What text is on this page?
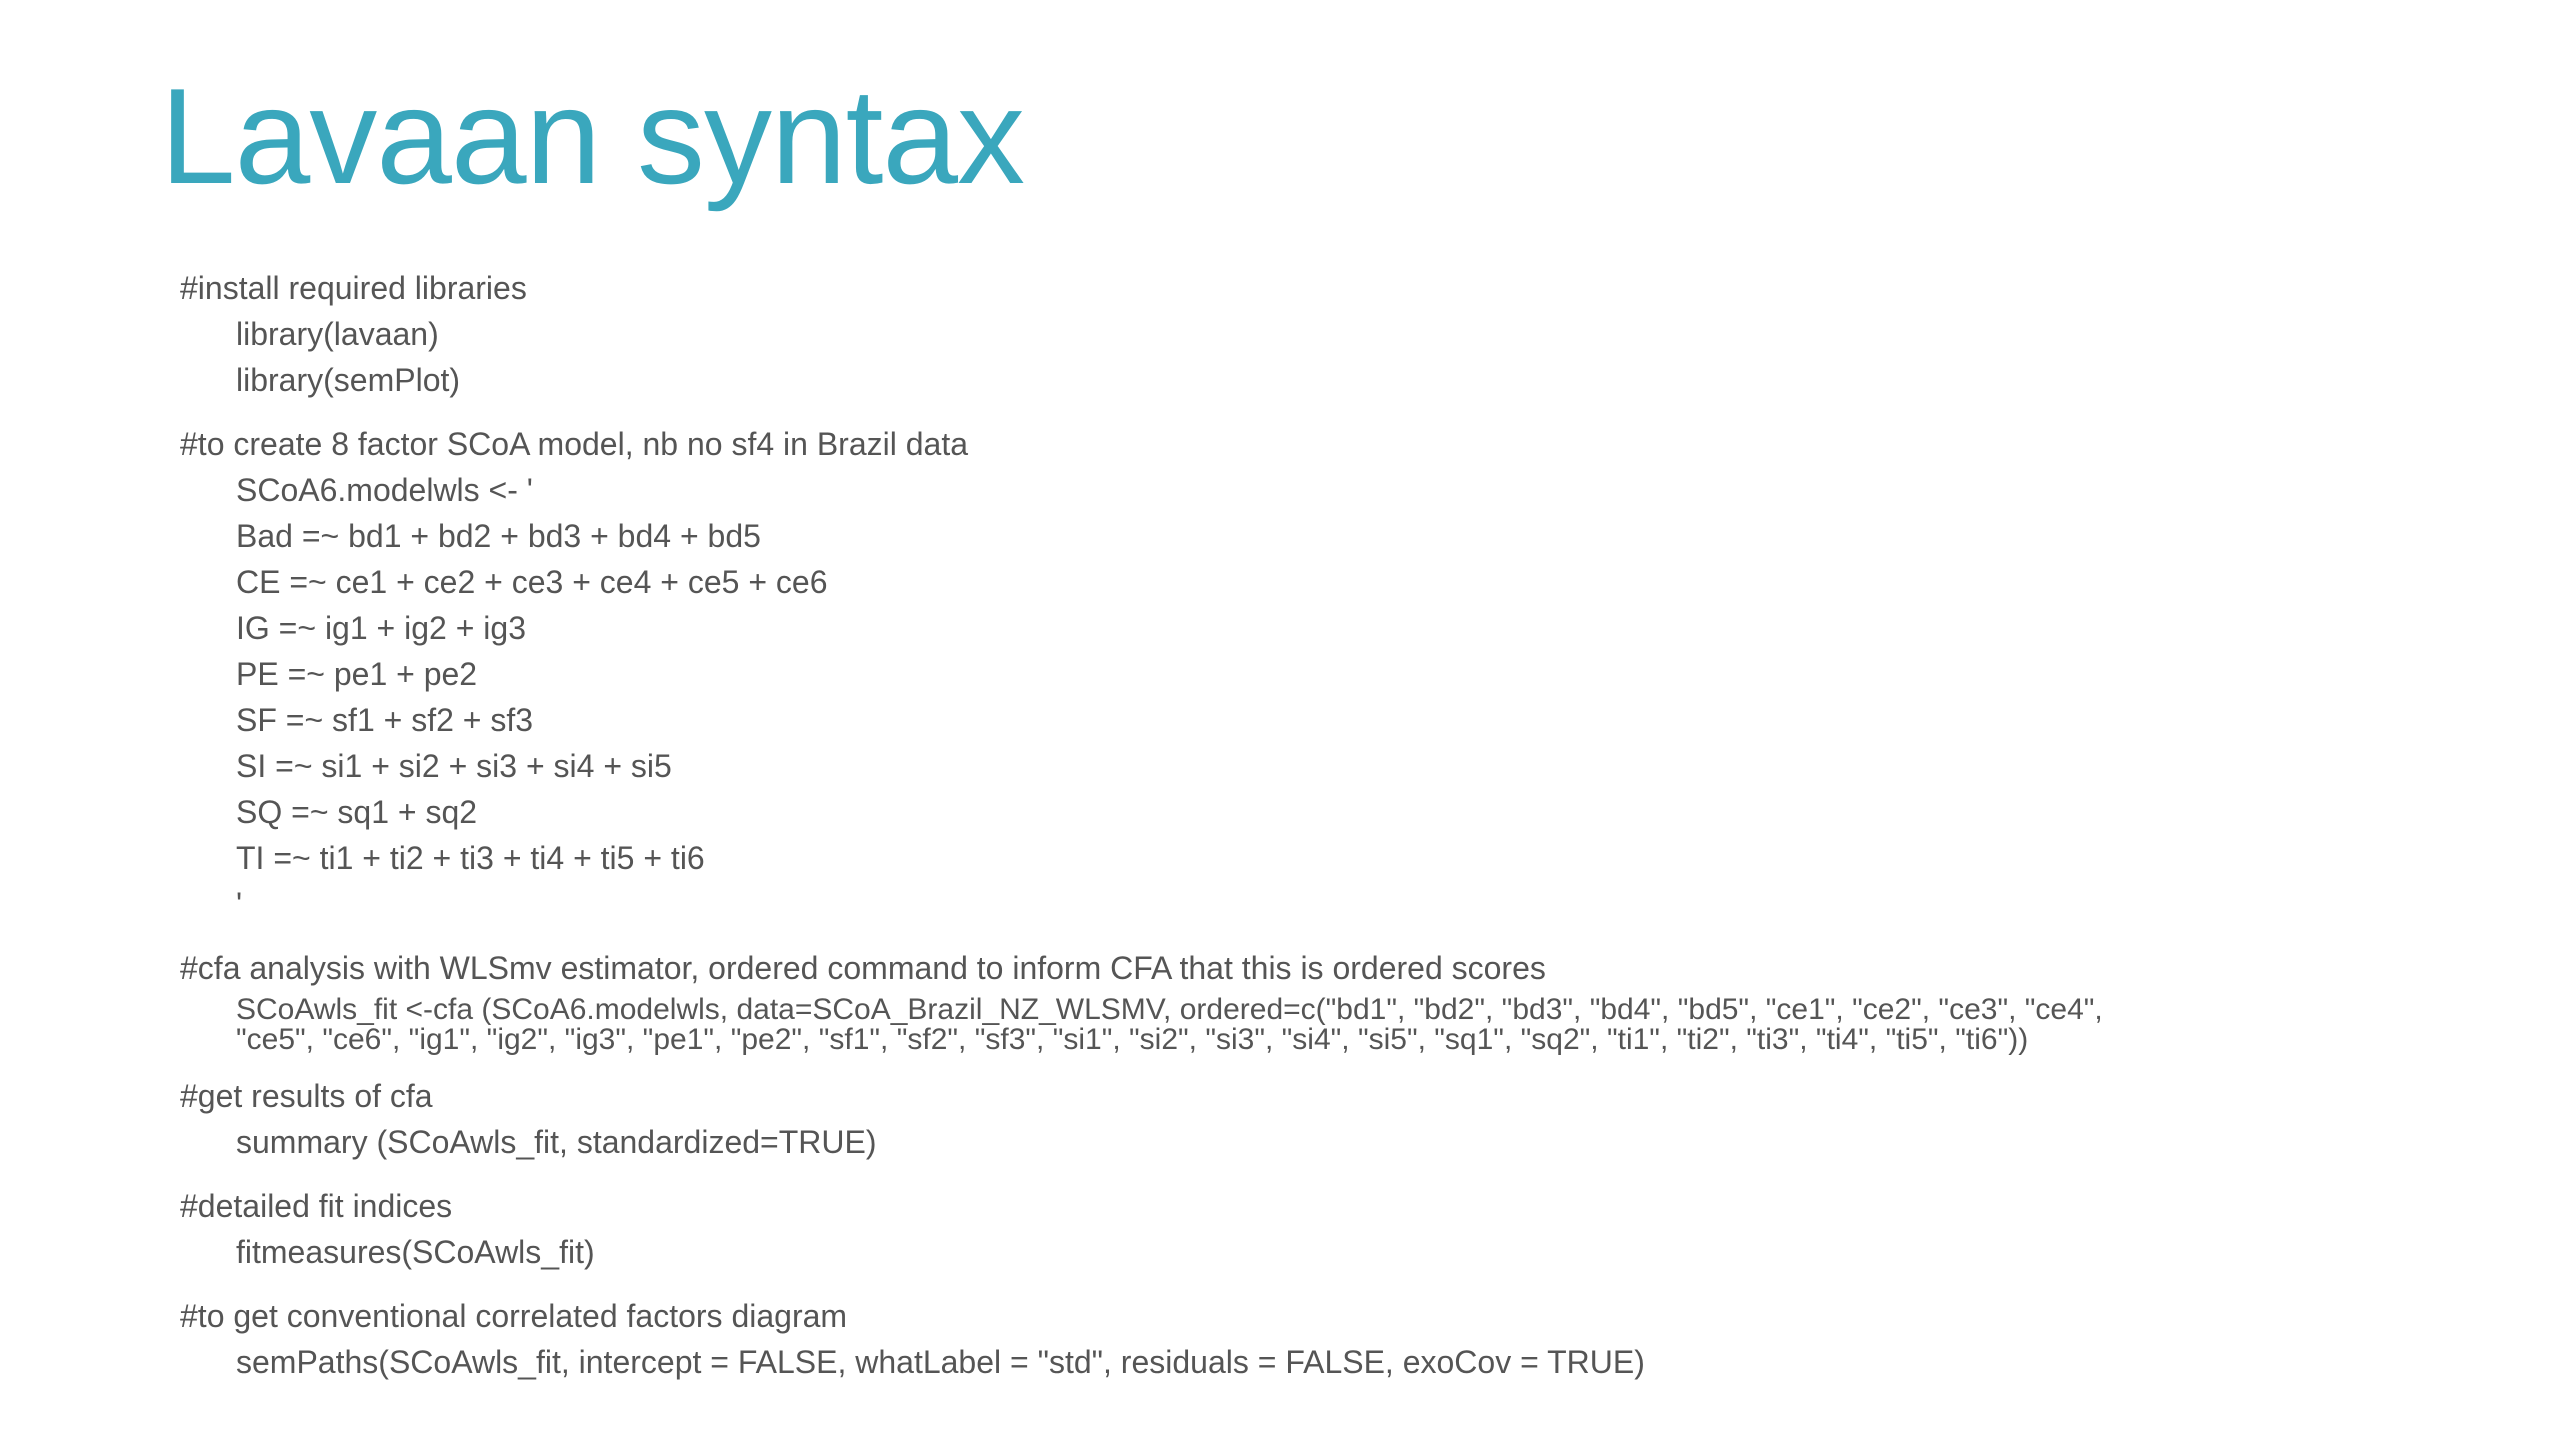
Lavaan syntax
#install required libraries
library(lavaan)
library(semPlot)
#to create 8 factor SCoA model, nb no sf4 in Brazil data
SCoA6.modelwls <- '
Bad =~ bd1 + bd2 + bd3 + bd4 + bd5
CE =~ ce1 + ce2 + ce3 + ce4 + ce5 + ce6
IG =~ ig1 + ig2 + ig3
PE =~ pe1 + pe2
SF =~ sf1 + sf2 + sf3
SI =~ si1 + si2 + si3 + si4 + si5
SQ =~ sq1 + sq2
TI =~ ti1 + ti2 + ti3 + ti4 + ti5 + ti6
'
#cfa analysis with WLSmv estimator, ordered command to inform CFA that this is ordered scores
SCoAwls_fit <-cfa (SCoA6.modelwls, data=SCoA_Brazil_NZ_WLSMV, ordered=c("bd1", "bd2", "bd3", "bd4", "bd5", "ce1", "ce2", "ce3", "ce4",
"ce5", "ce6", "ig1", "ig2", "ig3", "pe1", "pe2", "sf1", "sf2", "sf3", "si1", "si2", "si3", "si4", "si5", "sq1", "sq2", "ti1", "ti2", "ti3", "ti4", "ti5", "ti6"))
#get results of cfa
summary (SCoAwls_fit, standardized=TRUE)
#detailed fit indices
fitmeasures(SCoAwls_fit)
#to get conventional correlated factors diagram
semPaths(SCoAwls_fit, intercept = FALSE, whatLabel = "std", residuals = FALSE, exoCov = TRUE)
